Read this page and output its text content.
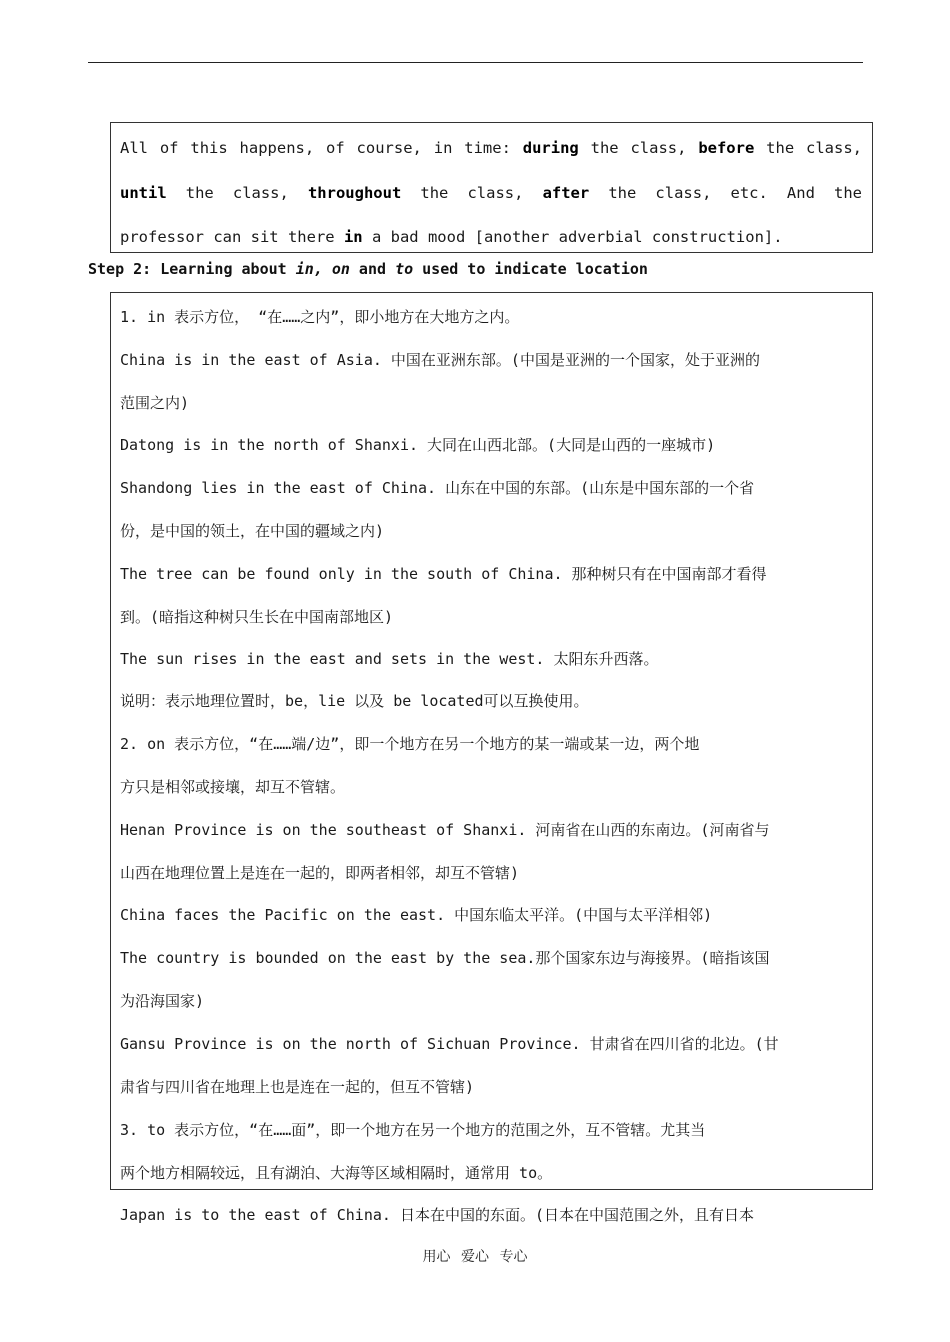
All of this happens, of course, in time: during the class, before the class,

until the class, throughout the class, after the class, etc. And the

professor can sit there in a bad mood [another adverbial construction].

Step 2: Learning about in, on and to used to indicate location

1. in 表示方位， “在……之内”，即小地方在大地方之内。

China is in the east of Asia. 中国在亚洲东部。(中国是亚洲的一个国家，处于亚洲的

范围之内)

Datong is in the north of Shanxi. 大同在山西北部。(大同是山西的一座城市)

Shandong lies in the east of China. 山东在中国的东部。(山东是中国东部的一个省

份，是中国的领土，在中国的疆域之内)

The tree can be found only in the south of China. 那种树只有在中国南部才看得

到。(暗指这种树只生长在中国南部地区)

The sun rises in the east and sets in the west. 太阳东升西落。

说明：表示地理位置时，be，lie 以及 be located可以互换使用。

2. on 表示方位，“在……端/边”，即一个地方在另一个地方的某一端或某一边，两个地

方只是相邻或接壤，却互不管辖。

Henan Province is on the southeast of Shanxi. 河南省在山西的东南边。(河南省与

山西在地理位置上是连在一起的，即两者相邻，却互不管辖)

China faces the Pacific on the east. 中国东临太平洋。(中国与太平洋相邻)

The country is bounded on the east by the sea.那个国家东边与海接界。(暗指该国

为沿海国家)

Gansu Province is on the north of Sichuan Province. 甘肃省在四川省的北边。(甘

肃省与四川省在地理上也是连在一起的，但互不管辖)

3. to 表示方位，“在……面”，即一个地方在另一个地方的范围之外，互不管辖。尤其当

两个地方相隔较远，且有湖泊、大海等区域相隔时，通常用 to。

Japan is to the east of China. 日本在中国的东面。(日本在中国范围之外，且有日本

用心 爱心 专心
